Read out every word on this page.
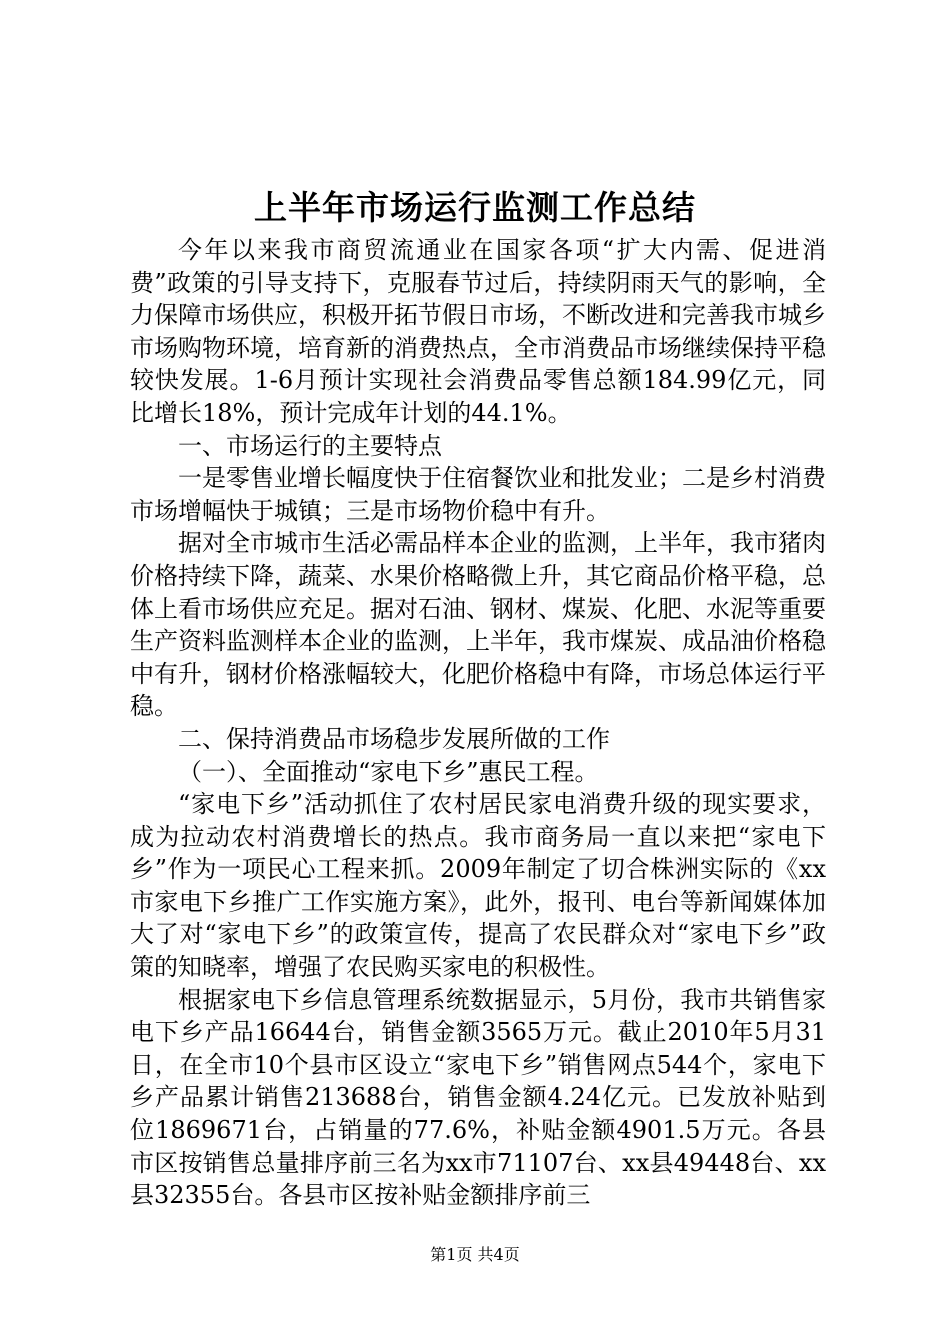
上半年市场运行监测工作总结

今年以来我市商贸流通业在国家各项“扩大内需、促进消费”政策的引导支持下，克服春节过后，持续阴雨天气的影响，全力保障市场供应，积极开拓节假日市场，不断改进和完善我市城乡市场购物环境，培育新的消费热点，全市消费品市场继续保持平稳较快发展。1-6月预计实现社会消费品零售总额184.99亿元，同比增长18%，预计完成年计划的44.1%。

一、市场运行的主要特点

一是零售业增长幅度快于住宿餐饮业和批发业；二是乡村消费市场增幅快于城镇；三是市场物价稳中有升。

据对全市城市生活必需品样本企业的监测，上半年，我市猪肉价格持续下降，蔬菜、水果价格略微上升，其它商品价格平稳，总体上看市场供应充足。据对石油、钢材、煤炭、化肥、水泥等重要生产资料监测样本企业的监测，上半年，我市煤炭、成品油价格稳中有升，钢材价格涨幅较大，化肥价格稳中有降，市场总体运行平稳。

二、保持消费品市场稳步发展所做的工作

（一）、全面推动“家电下乡”惠民工程。

“家电下乡”活动抓住了农村居民家电消费升级的现实要求，成为拉动农村消费增长的热点。我市商务局一直以来把“家电下乡”作为一项民心工程来抓。2009年制定了切合株洲实际的《xx市家电下乡推广工作实施方案》，此外，报刊、电台等新闻媒体加大了对“家电下乡”的政策宣传，提高了农民群众对“家电下乡”政策的知晓率，增强了农民购买家电的积极性。

根据家电下乡信息管理系统数据显示，5月份，我市共销售家电下乡产品16644台，销售金额3565万元。截止2010年5月31日，在全市10个县市区设立“家电下乡”销售网点544个，家电下乡产品累计销售213688台，销售金额4.24亿元。已发放补贴到位1869671台，占销量的77.6%，补贴金额4901.5万元。各县市区按销售总量排序前三名为xx市71107台、xx县49448台、xx县32355台。各县市区按补贴金额排序前三

第1页 共4页
